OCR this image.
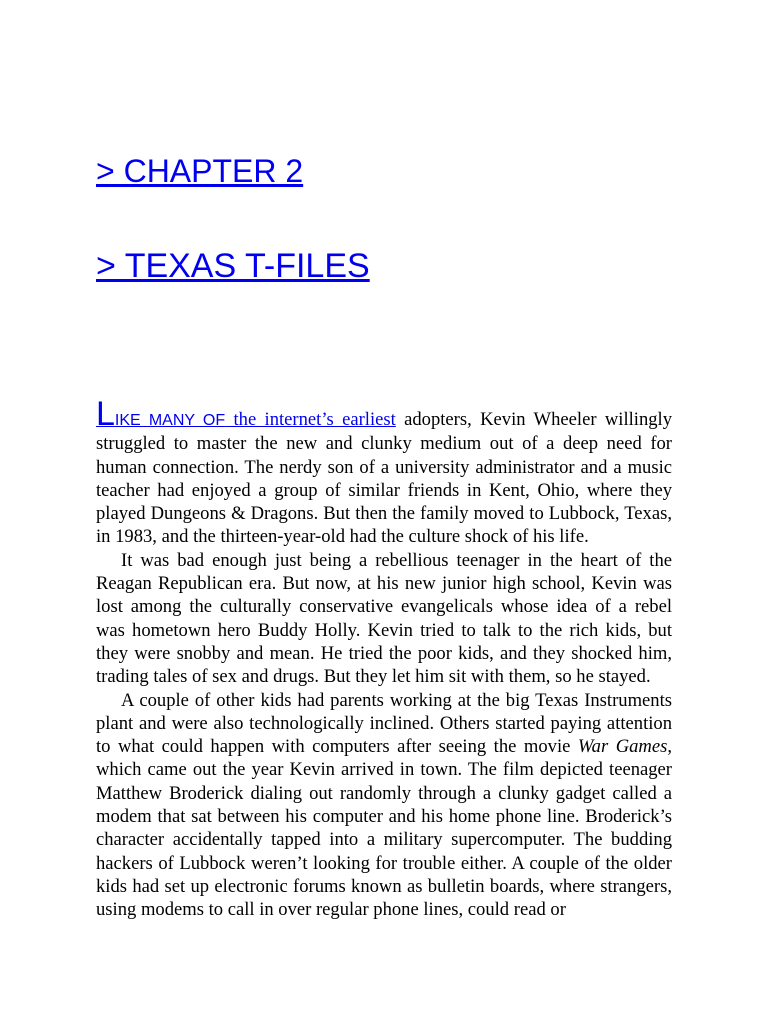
> CHAPTER 2
> TEXAS T-FILES

LIKE MANY OF the internet’s earliest adopters, Kevin Wheeler willingly struggled to master the new and clunky medium out of a deep need for human connection. The nerdy son of a university administrator and a music teacher had enjoyed a group of similar friends in Kent, Ohio, where they played Dungeons & Dragons. But then the family moved to Lubbock, Texas, in 1983, and the thirteen-year-old had the culture shock of his life.

It was bad enough just being a rebellious teenager in the heart of the Reagan Republican era. But now, at his new junior high school, Kevin was lost among the culturally conservative evangelicals whose idea of a rebel was hometown hero Buddy Holly. Kevin tried to talk to the rich kids, but they were snobby and mean. He tried the poor kids, and they shocked him, trading tales of sex and drugs. But they let him sit with them, so he stayed.

A couple of other kids had parents working at the big Texas Instruments plant and were also technologically inclined. Others started paying attention to what could happen with computers after seeing the movie War Games, which came out the year Kevin arrived in town. The film depicted teenager Matthew Broderick dialing out randomly through a clunky gadget called a modem that sat between his computer and his home phone line. Broderick’s character accidentally tapped into a military supercomputer. The budding hackers of Lubbock weren’t looking for trouble either. A couple of the older kids had set up electronic forums known as bulletin boards, where strangers, using modems to call in over regular phone lines, could read or
